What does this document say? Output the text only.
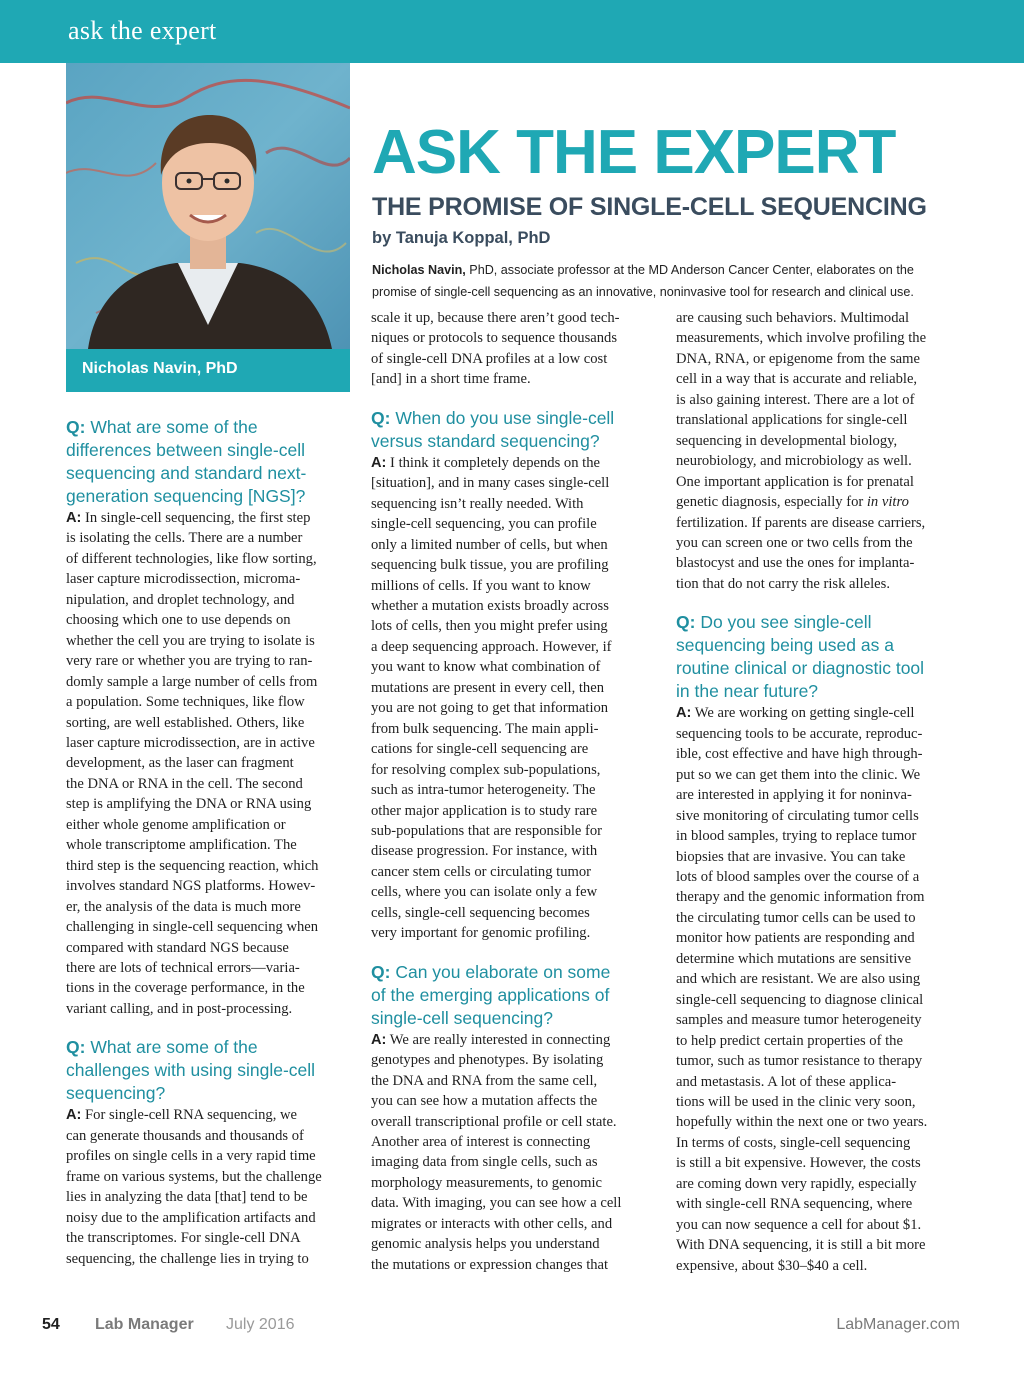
ask the expert
Nicholas Navin, PhD
ASK THE EXPERT
THE PROMISE OF SINGLE-CELL SEQUENCING
by Tanuja Koppal, PhD
Nicholas Navin, PhD, associate professor at the MD Anderson Cancer Center, elaborates on the
promise of single-cell sequencing as an innovative, noninvasive tool for research and clinical use.
Q: What are some of the
differences between single-cell
sequencing and standard next-
generation sequencing [NGS]?
A: In single-cell sequencing, the first step
is isolating the cells. There are a number
of different technologies, like flow sorting,
laser capture microdissection, microma-
nipulation, and droplet technology, and
choosing which one to use depends on
whether the cell you are trying to isolate is
very rare or whether you are trying to ran-
domly sample a large number of cells from
a population. Some techniques, like flow
sorting, are well established. Others, like
laser capture microdissection, are in active
development, as the laser can fragment
the DNA or RNA in the cell. The second
step is amplifying the DNA or RNA using
either whole genome amplification or
whole transcriptome amplification. The
third step is the sequencing reaction, which
involves standard NGS platforms. Howev-
er, the analysis of the data is much more
challenging in single-cell sequencing when
compared with standard NGS because
there are lots of technical errors—varia-
tions in the coverage performance, in the
variant calling, and in post-processing.
Q: What are some of the
challenges with using single-cell
sequencing?
A: For single-cell RNA sequencing, we
can generate thousands and thousands of
profiles on single cells in a very rapid time
frame on various systems, but the challenge
lies in analyzing the data [that] tend to be
noisy due to the amplification artifacts and
the transcriptomes. For single-cell DNA
sequencing, the challenge lies in trying to
scale it up, because there aren’t good tech-
niques or protocols to sequence thousands
of single-cell DNA profiles at a low cost
[and] in a short time frame.
Q: When do you use single-cell
versus standard sequencing?
A: I think it completely depends on the
[situation], and in many cases single-cell
sequencing isn’t really needed. With
single-cell sequencing, you can profile
only a limited number of cells, but when
sequencing bulk tissue, you are profiling
millions of cells. If you want to know
whether a mutation exists broadly across
lots of cells, then you might prefer using
a deep sequencing approach. However, if
you want to know what combination of
mutations are present in every cell, then
you are not going to get that information
from bulk sequencing. The main appli-
cations for single-cell sequencing are
for resolving complex sub-populations,
such as intra-tumor heterogeneity. The
other major application is to study rare
sub-populations that are responsible for
disease progression. For instance, with
cancer stem cells or circulating tumor
cells, where you can isolate only a few
cells, single-cell sequencing becomes
very important for genomic profiling.
Q: Can you elaborate on some
of the emerging applications of
single-cell sequencing?
A: We are really interested in connecting
genotypes and phenotypes. By isolating
the DNA and RNA from the same cell,
you can see how a mutation affects the
overall transcriptional profile or cell state.
Another area of interest is connecting
imaging data from single cells, such as
morphology measurements, to genomic
data. With imaging, you can see how a cell
migrates or interacts with other cells, and
genomic analysis helps you understand
the mutations or expression changes that
are causing such behaviors. Multimodal
measurements, which involve profiling the
DNA, RNA, or epigenome from the same
cell in a way that is accurate and reliable,
is also gaining interest. There are a lot of
translational applications for single-cell
sequencing in developmental biology,
neurobiology, and microbiology as well.
One important application is for prenatal
genetic diagnosis, especially for in vitro
fertilization. If parents are disease carriers,
you can screen one or two cells from the
blastocyst and use the ones for implanta-
tion that do not carry the risk alleles.
Q: Do you see single-cell
sequencing being used as a
routine clinical or diagnostic tool
in the near future?
A: We are working on getting single-cell
sequencing tools to be accurate, reproduc-
ible, cost effective and have high through-
put so we can get them into the clinic. We
are interested in applying it for noninva-
sive monitoring of circulating tumor cells
in blood samples, trying to replace tumor
biopsies that are invasive. You can take
lots of blood samples over the course of a
therapy and the genomic information from
the circulating tumor cells can be used to
monitor how patients are responding and
determine which mutations are sensitive
and which are resistant. We are also using
single-cell sequencing to diagnose clinical
samples and measure tumor heterogeneity
to help predict certain properties of the
tumor, such as tumor resistance to therapy
and metastasis. A lot of these applica-
tions will be used in the clinic very soon,
hopefully within the next one or two years.
In terms of costs, single-cell sequencing
is still a bit expensive. However, the costs
are coming down very rapidly, especially
with single-cell RNA sequencing, where
you can now sequence a cell for about $1.
With DNA sequencing, it is still a bit more
expensive, about $30–$40 a cell.
54 Lab Manager July 2016	LabManager.com
